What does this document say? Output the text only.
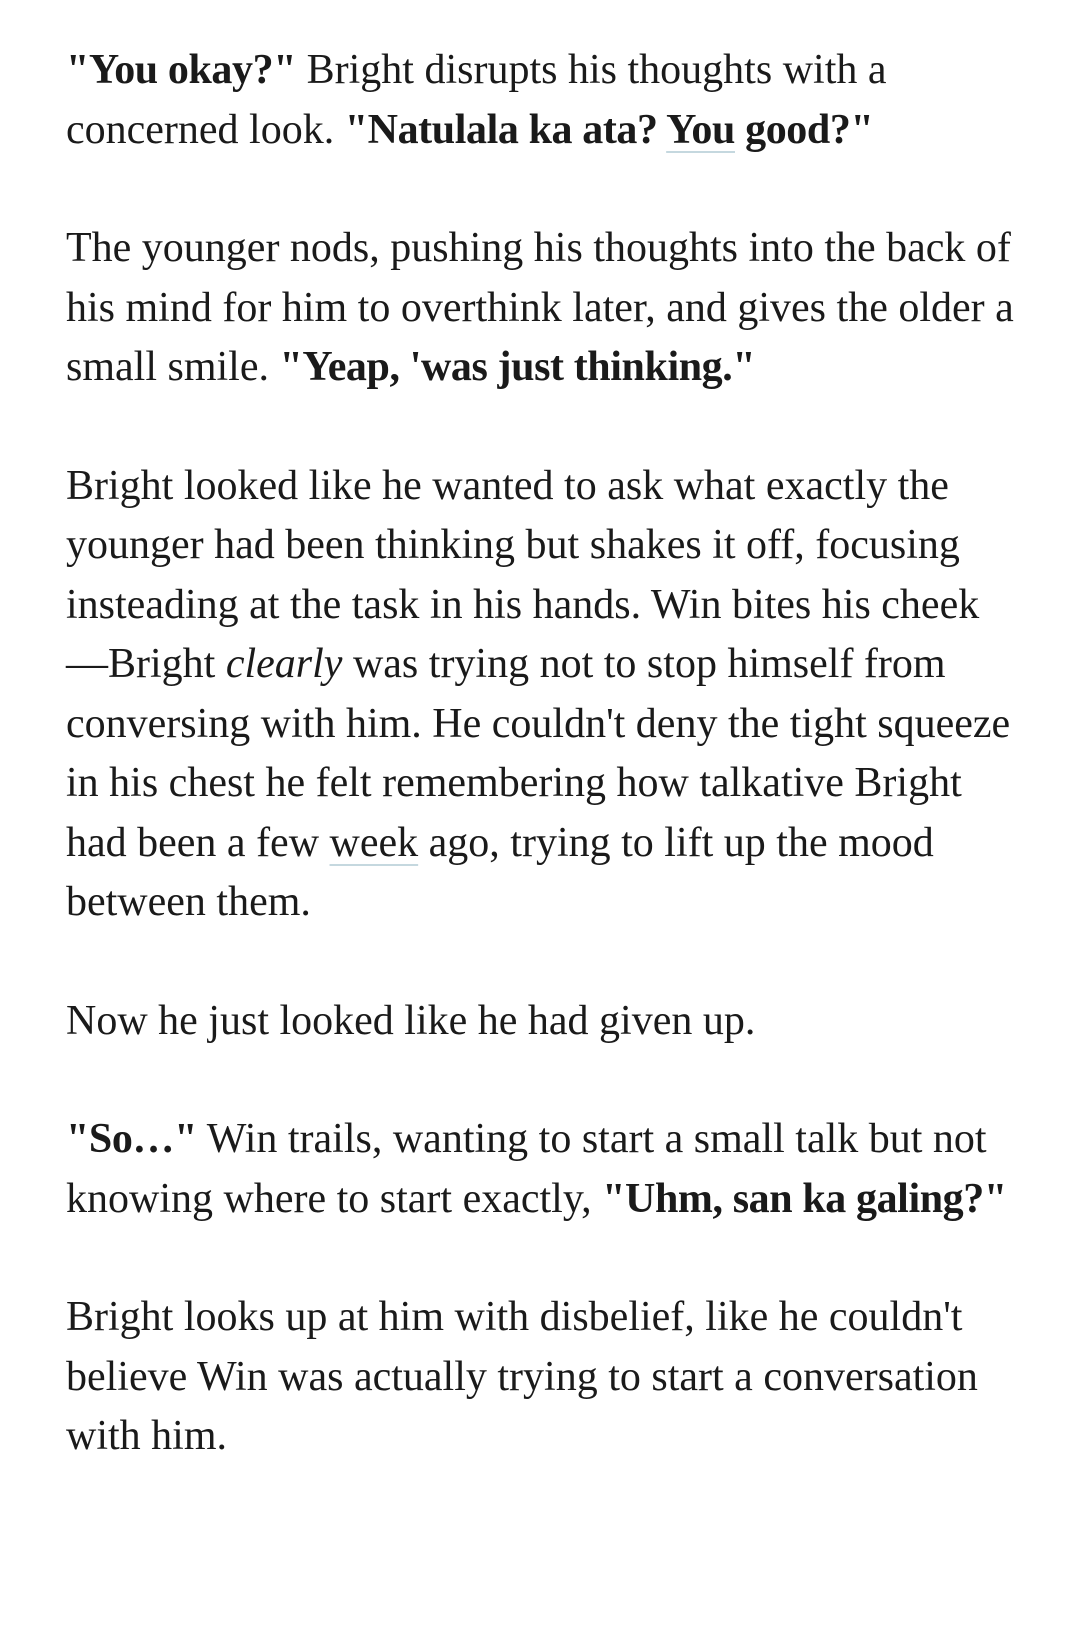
"You okay?" Bright disrupts his thoughts with a concerned look. "Natulala ka ata? You good?"

The younger nods, pushing his thoughts into the back of his mind for him to overthink later, and gives the older a small smile. "Yeap, 'was just thinking."

Bright looked like he wanted to ask what exactly the younger had been thinking but shakes it off, focusing insteading at the task in his hands. Win bites his cheek—Bright clearly was trying not to stop himself from conversing with him. He couldn't deny the tight squeeze in his chest he felt remembering how talkative Bright had been a few week ago, trying to lift up the mood between them.

Now he just looked like he had given up.

"So…" Win trails, wanting to start a small talk but not knowing where to start exactly, "Uhm, san ka galing?"

Bright looks up at him with disbelief, like he couldn't believe Win was actually trying to start a conversation with him.
